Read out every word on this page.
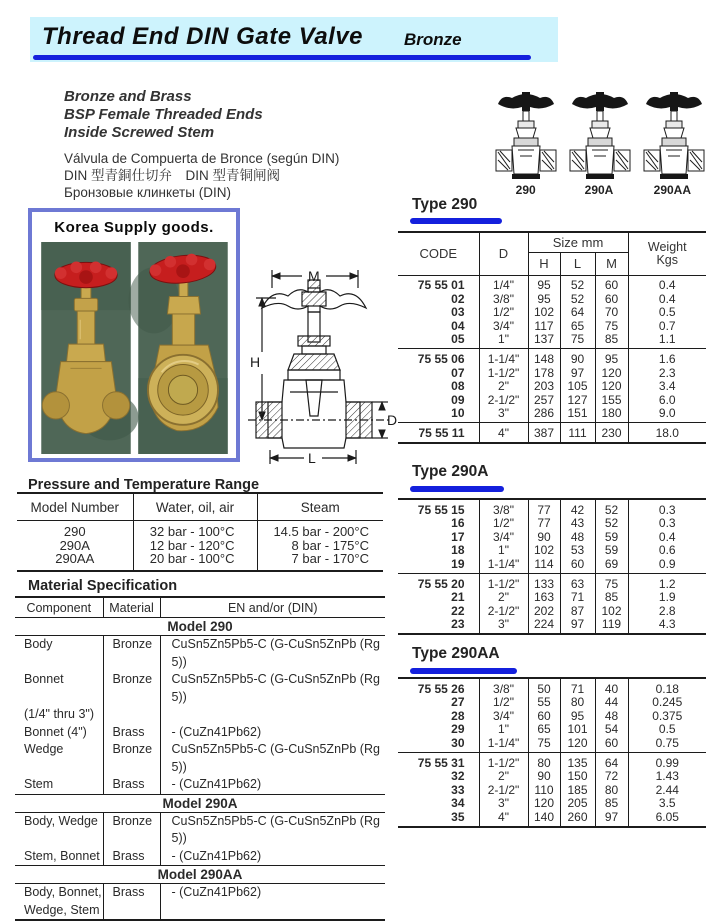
Thread End DIN Gate Valve Bronze
Bronze and Brass
BSP Female Threaded Ends
Inside Screwed Stem
Válvula de Compuerta de Bronce (según DIN)
DIN 型青銅仕切弁　DIN 型青铜闸阀
Бронзовые клинкеты (DIN)	290	290A	290AA
Korea Supply goods.
M
H
D
L
Pressure and Temperature Range
Model Number	Water, oil, air	Steam
290	32 bar - 100°C	14.5 bar - 200°C
290A	12 bar - 120°C	8 bar - 175°C
290AA	20 bar - 100°C	7 bar - 170°C
Material Specification
Component	Material	EN and/or (DIN)
Model 290		
Body	Bronze	CuSn5Zn5Pb5-C (G-CuSn5ZnPb (Rg 5))
Bonnet	Bronze	CuSn5Zn5Pb5-C (G-CuSn5ZnPb (Rg 5))
(1/4" thru 3")		
Bonnet (4")	Brass	- (CuZn41Pb62)
Wedge	Bronze	CuSn5Zn5Pb5-C (G-CuSn5ZnPb (Rg 5))
Stem	Brass	- (CuZn41Pb62)
Model 290A		
Body, Wedge	Bronze	CuSn5Zn5Pb5-C (G-CuSn5ZnPb (Rg 5))
Stem, Bonnet	Brass	- (CuZn41Pb62)
Model 290AA		
Body, Bonnet,	Brass	- (CuZn41Pb62)
Wedge, Stem		
Type 290
CODE	D	Size mm			Weight
Kgs

		H	L	M	
75 55 01	1/4"	95	52	60	0.4
02	3/8"	95	52	60	0.4
03	1/2"	102	64	70	0.5
04	3/4"	117	65	75	0.7
05	1"	137	75	85	1.1
75 55 06	1-1/4"	148	90	95	1.6
07	1-1/2"	178	97	120	2.3
08	2"	203	105	120	3.4
09	2-1/2"	257	127	155	6.0
10	3"	286	151	180	9.0
75 55 11	4"	387	111	230	18.0
Type 290A
75 55 15	3/8"	77	42	52	0.3
16	1/2"	77	43	52	0.3
17	3/4"	90	48	59	0.4
18	1"	102	53	59	0.6
19	1-1/4"	114	60	69	0.9
75 55 20	1-1/2"	133	63	75	1.2
21	2"	163	71	85	1.9
22	2-1/2"	202	87	102	2.8
23	3"	224	97	119	4.3
Type 290AA
75 55 26	3/8"	50	71	40	0.18
27	1/2"	55	80	44	0.245
28	3/4"	60	95	48	0.375
29	1"	65	101	54	0.5
30	1-1/4"	75	120	60	0.75
75 55 31	1-1/2"	80	135	64	0.99
32	2"	90	150	72	1.43
33	2-1/2"	110	185	80	2.44
34	3"	120	205	85	3.5
35	4"	140	260	97	6.05
